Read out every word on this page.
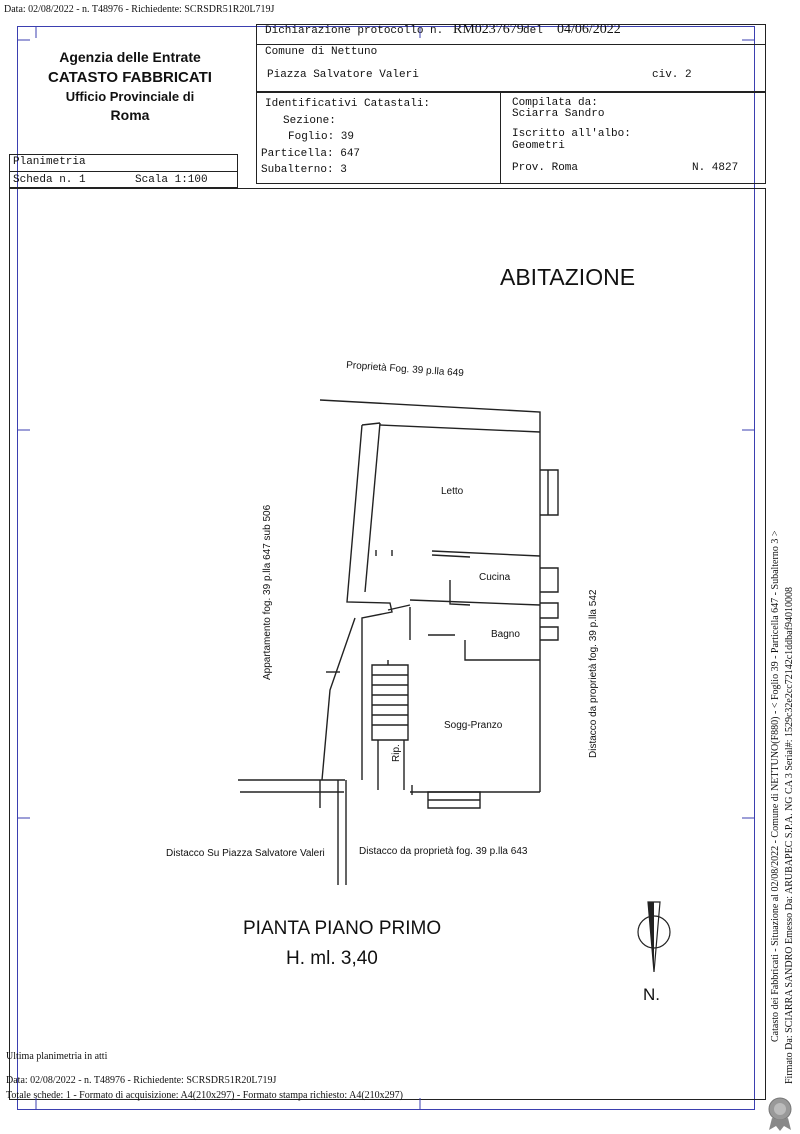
Data: 02/08/2022 - n. T48976 - Richiedente: SCRSDR51R20L719J
Agenzia delle Entrate
CATASTO FABBRICATI
Ufficio Provinciale di
Roma
Dichiarazione protocollo n. RM0237679 del 04/06/2022
Comune di Nettuno
Piazza Salvatore Valeri	civ. 2
Identificativi Catastali:
Sezione:
Foglio: 39
Particella: 647
Subalterno: 3
Compilata da:
Sciarra Sandro
Iscritto all'albo:
Geometri
Prov. Roma	N. 4827
Planimetria
Scheda n. 1	Scala 1:100
ABITAZIONE
Proprietà Fog. 39 p.lla 649
Appartamento fog. 39 p.lla 647 sub 506	Distacco da proprietà fog. 39 p.lla 542
Distacco Su Piazza Salvatore Valeri	Distacco da proprietà fog. 39 p.lla 643
Letto
Cucina
Bagno
Sogg-Pranzo
Rip.
PIANTA PIANO PRIMO
H. ml. 3,40
N.	Catasto dei Fabbricati - Situazione al 02/08/2022 - Comune di NETTUNO(F880) - < Foglio 39 - Particella 647 - Subalterno 3 > Firmato Da: SCIARRA SANDRO Emesso Da: ARUBAPEC S.P.A. NG CA 3 Serial#: 1529c32e2cc72142c1ddbaf94010008
Ultima planimetria in atti
Data: 02/08/2022 - n. T48976 - Richiedente: SCRSDR51R20L719J
Totale schede: 1 - Formato di acquisizione: A4(210x297) - Formato stampa richiesto: A4(210x297)
